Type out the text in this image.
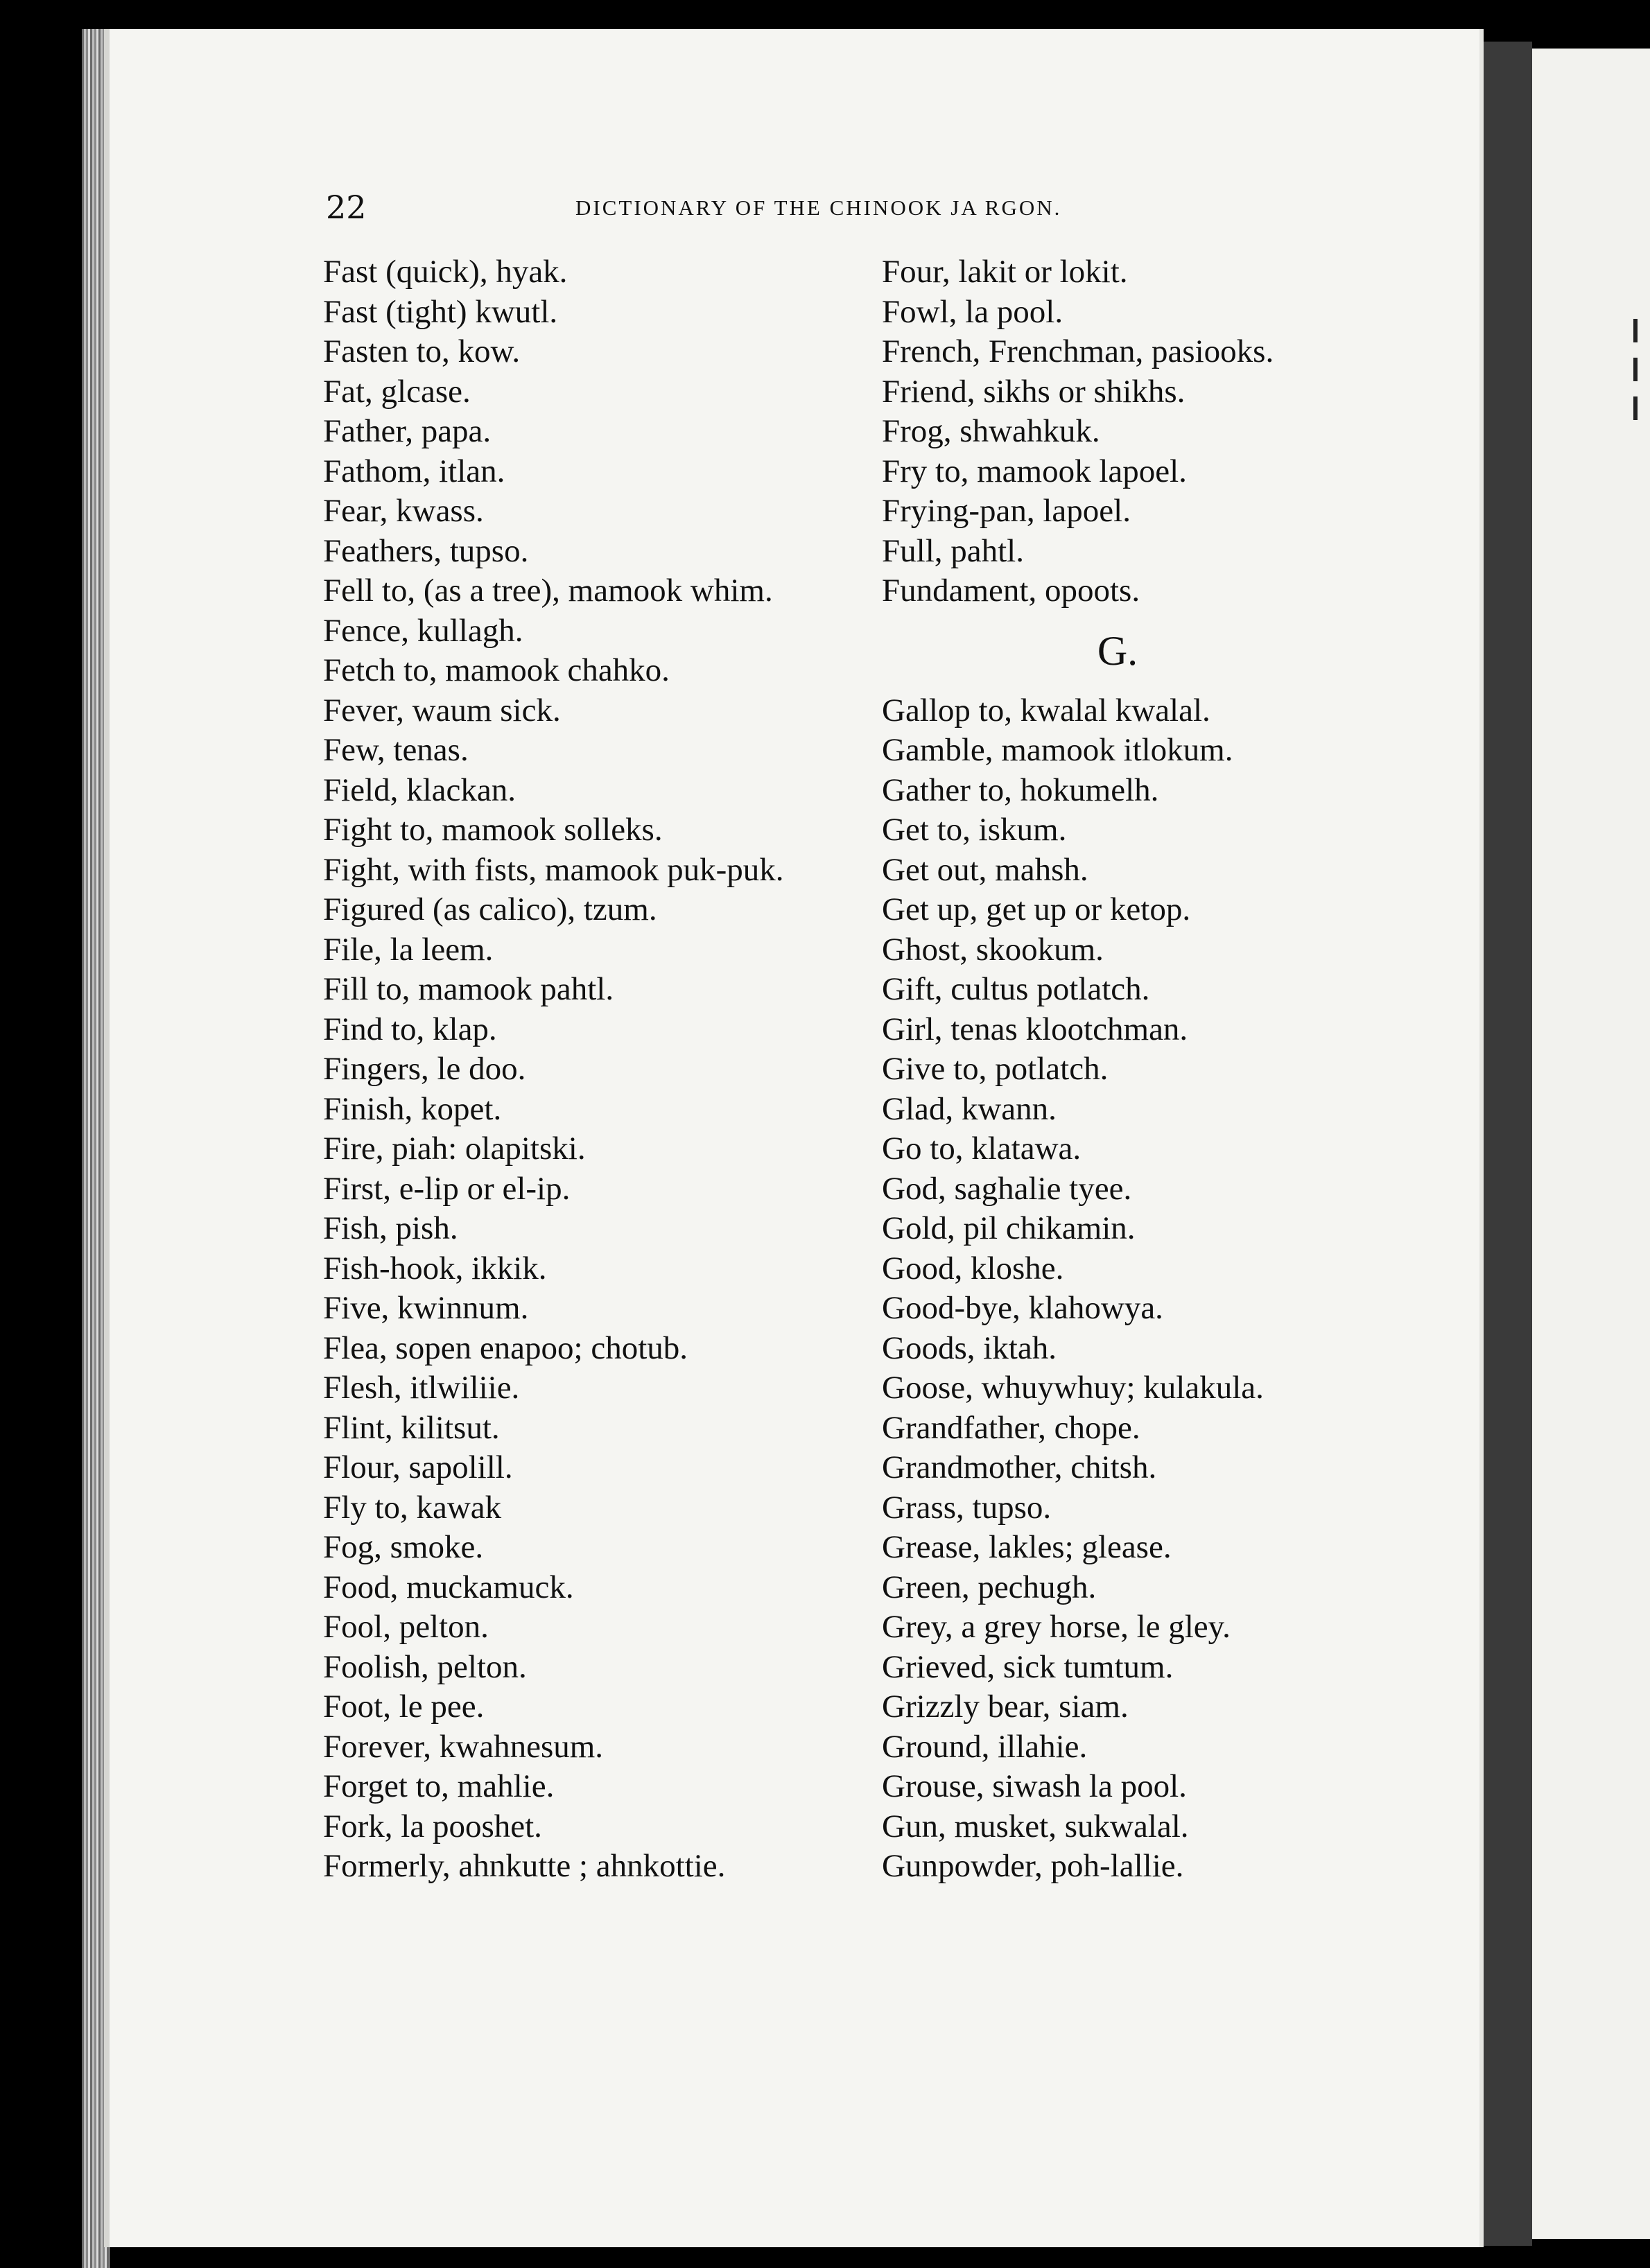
22	DICTIONARY OF THE CHINOOK JA RGON.
Fast (quick), hyak.
Fast (tight) kwutl.
Fasten to, kow.
Fat, glcase.
Father, papa.
Fathom, itlan.
Fear, kwass.
Feathers, tupso.
Fell to, (as a tree), mamook whim.
Fence, kullagh.
Fetch to, mamook chahko.
Fever, waum sick.
Few, tenas.
Field, klackan.
Fight to, mamook solleks.
Fight, with fists, mamook puk-puk.
Figured (as calico), tzum.
File, la leem.
Fill to, mamook pahtl.
Find to, klap.
Fingers, le doo.
Finish, kopet.
Fire, piah: olapitski.
First, e-lip or el-ip.
Fish, pish.
Fish-hook, ikkik.
Five, kwinnum.
Flea, sopen enapoo; chotub.
Flesh, itlwiliie.
Flint, kilitsut.
Flour, sapolill.
Fly to, kawak
Fog, smoke.
Food, muckamuck.
Fool, pelton.
Foolish, pelton.
Foot, le pee.
Forever, kwahnesum.
Forget to, mahlie.
Fork, la pooshet.
Formerly, ahnkutte ; ahnkottie.
Four, lakit or lokit.
Fowl, la pool.
French, Frenchman, pasiooks.
Friend, sikhs or shikhs.
Frog, shwahkuk.
Fry to, mamook lapoel.
Frying-pan, lapoel.
Full, pahtl.
Fundament, opoots.
G.
Gallop to, kwalal kwalal.
Gamble, mamook itlokum.
Gather to, hokumelh.
Get to, iskum.
Get out, mahsh.
Get up, get up or ketop.
Ghost, skookum.
Gift, cultus potlatch.
Girl, tenas klootchman.
Give to, potlatch.
Glad, kwann.
Go to, klatawa.
God, saghalie tyee.
Gold, pil chikamin.
Good, kloshe.
Good-bye, klahowya.
Goods, iktah.
Goose, whuywhuy; kulakula.
Grandfather, chope.
Grandmother, chitsh.
Grass, tupso.
Grease, lakles; glease.
Green, pechugh.
Grey, a grey horse, le gley.
Grieved, sick tumtum.
Grizzly bear, siam.
Ground, illahie.
Grouse, siwash la pool.
Gun, musket, sukwalal.
Gunpowder, poh-lallie.
